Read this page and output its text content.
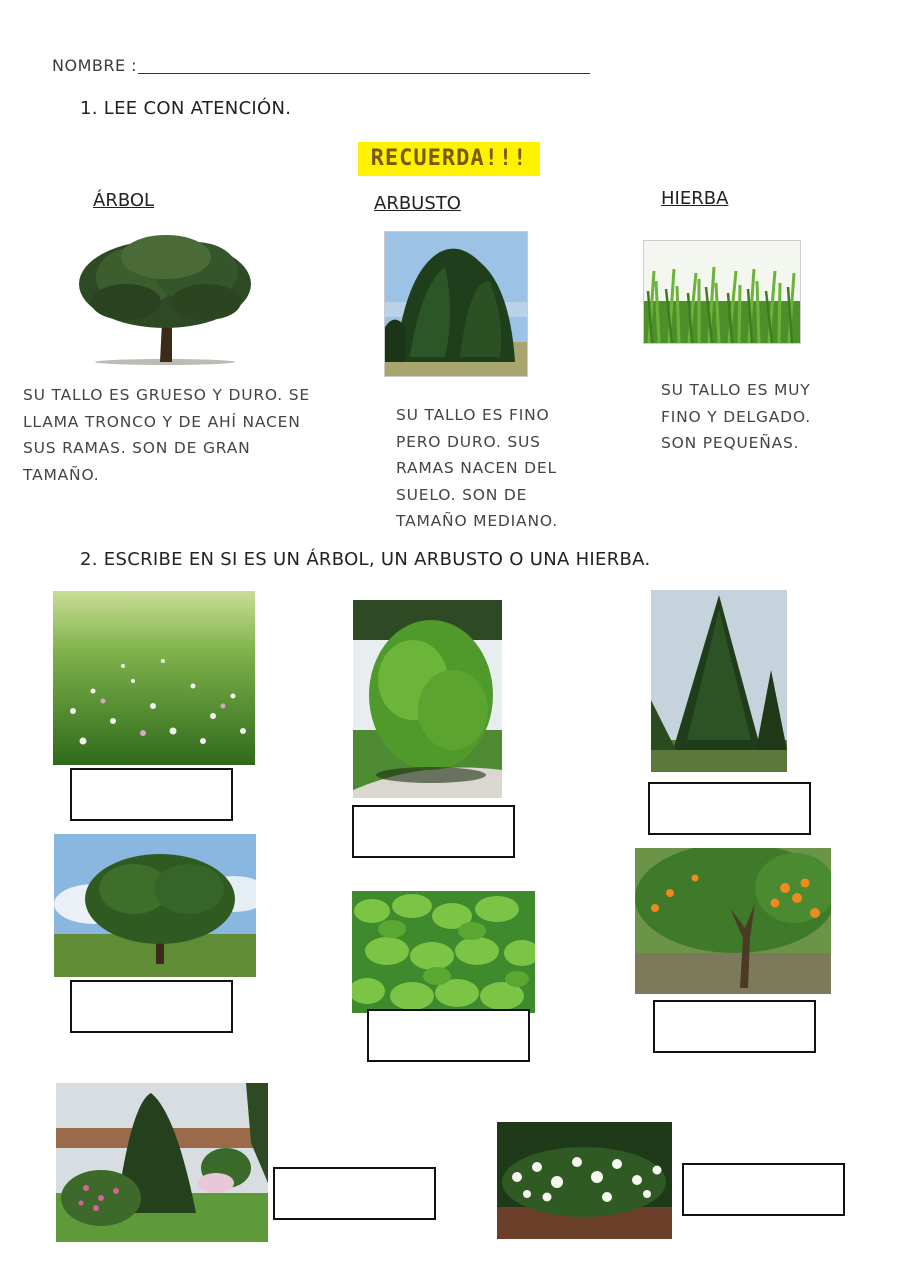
NOMBRE :
1. LEE CON ATENCIÓN.
RECUERDA!!!
ÁRBOL	ARBUSTO	HIERBA
SU TALLO ES GRUESO Y DURO. SE LLAMA TRONCO Y DE AHÍ NACEN SUS RAMAS. SON DE GRAN TAMAÑO.
SU TALLO ES FINO PERO DURO. SUS RAMAS NACEN DEL SUELO. SON DE TAMAÑO MEDIANO.
SU TALLO ES MUY FINO Y DELGADO. SON PEQUEÑAS.
2. ESCRIBE EN SI ES UN ÁRBOL, UN ARBUSTO O UNA HIERBA.
